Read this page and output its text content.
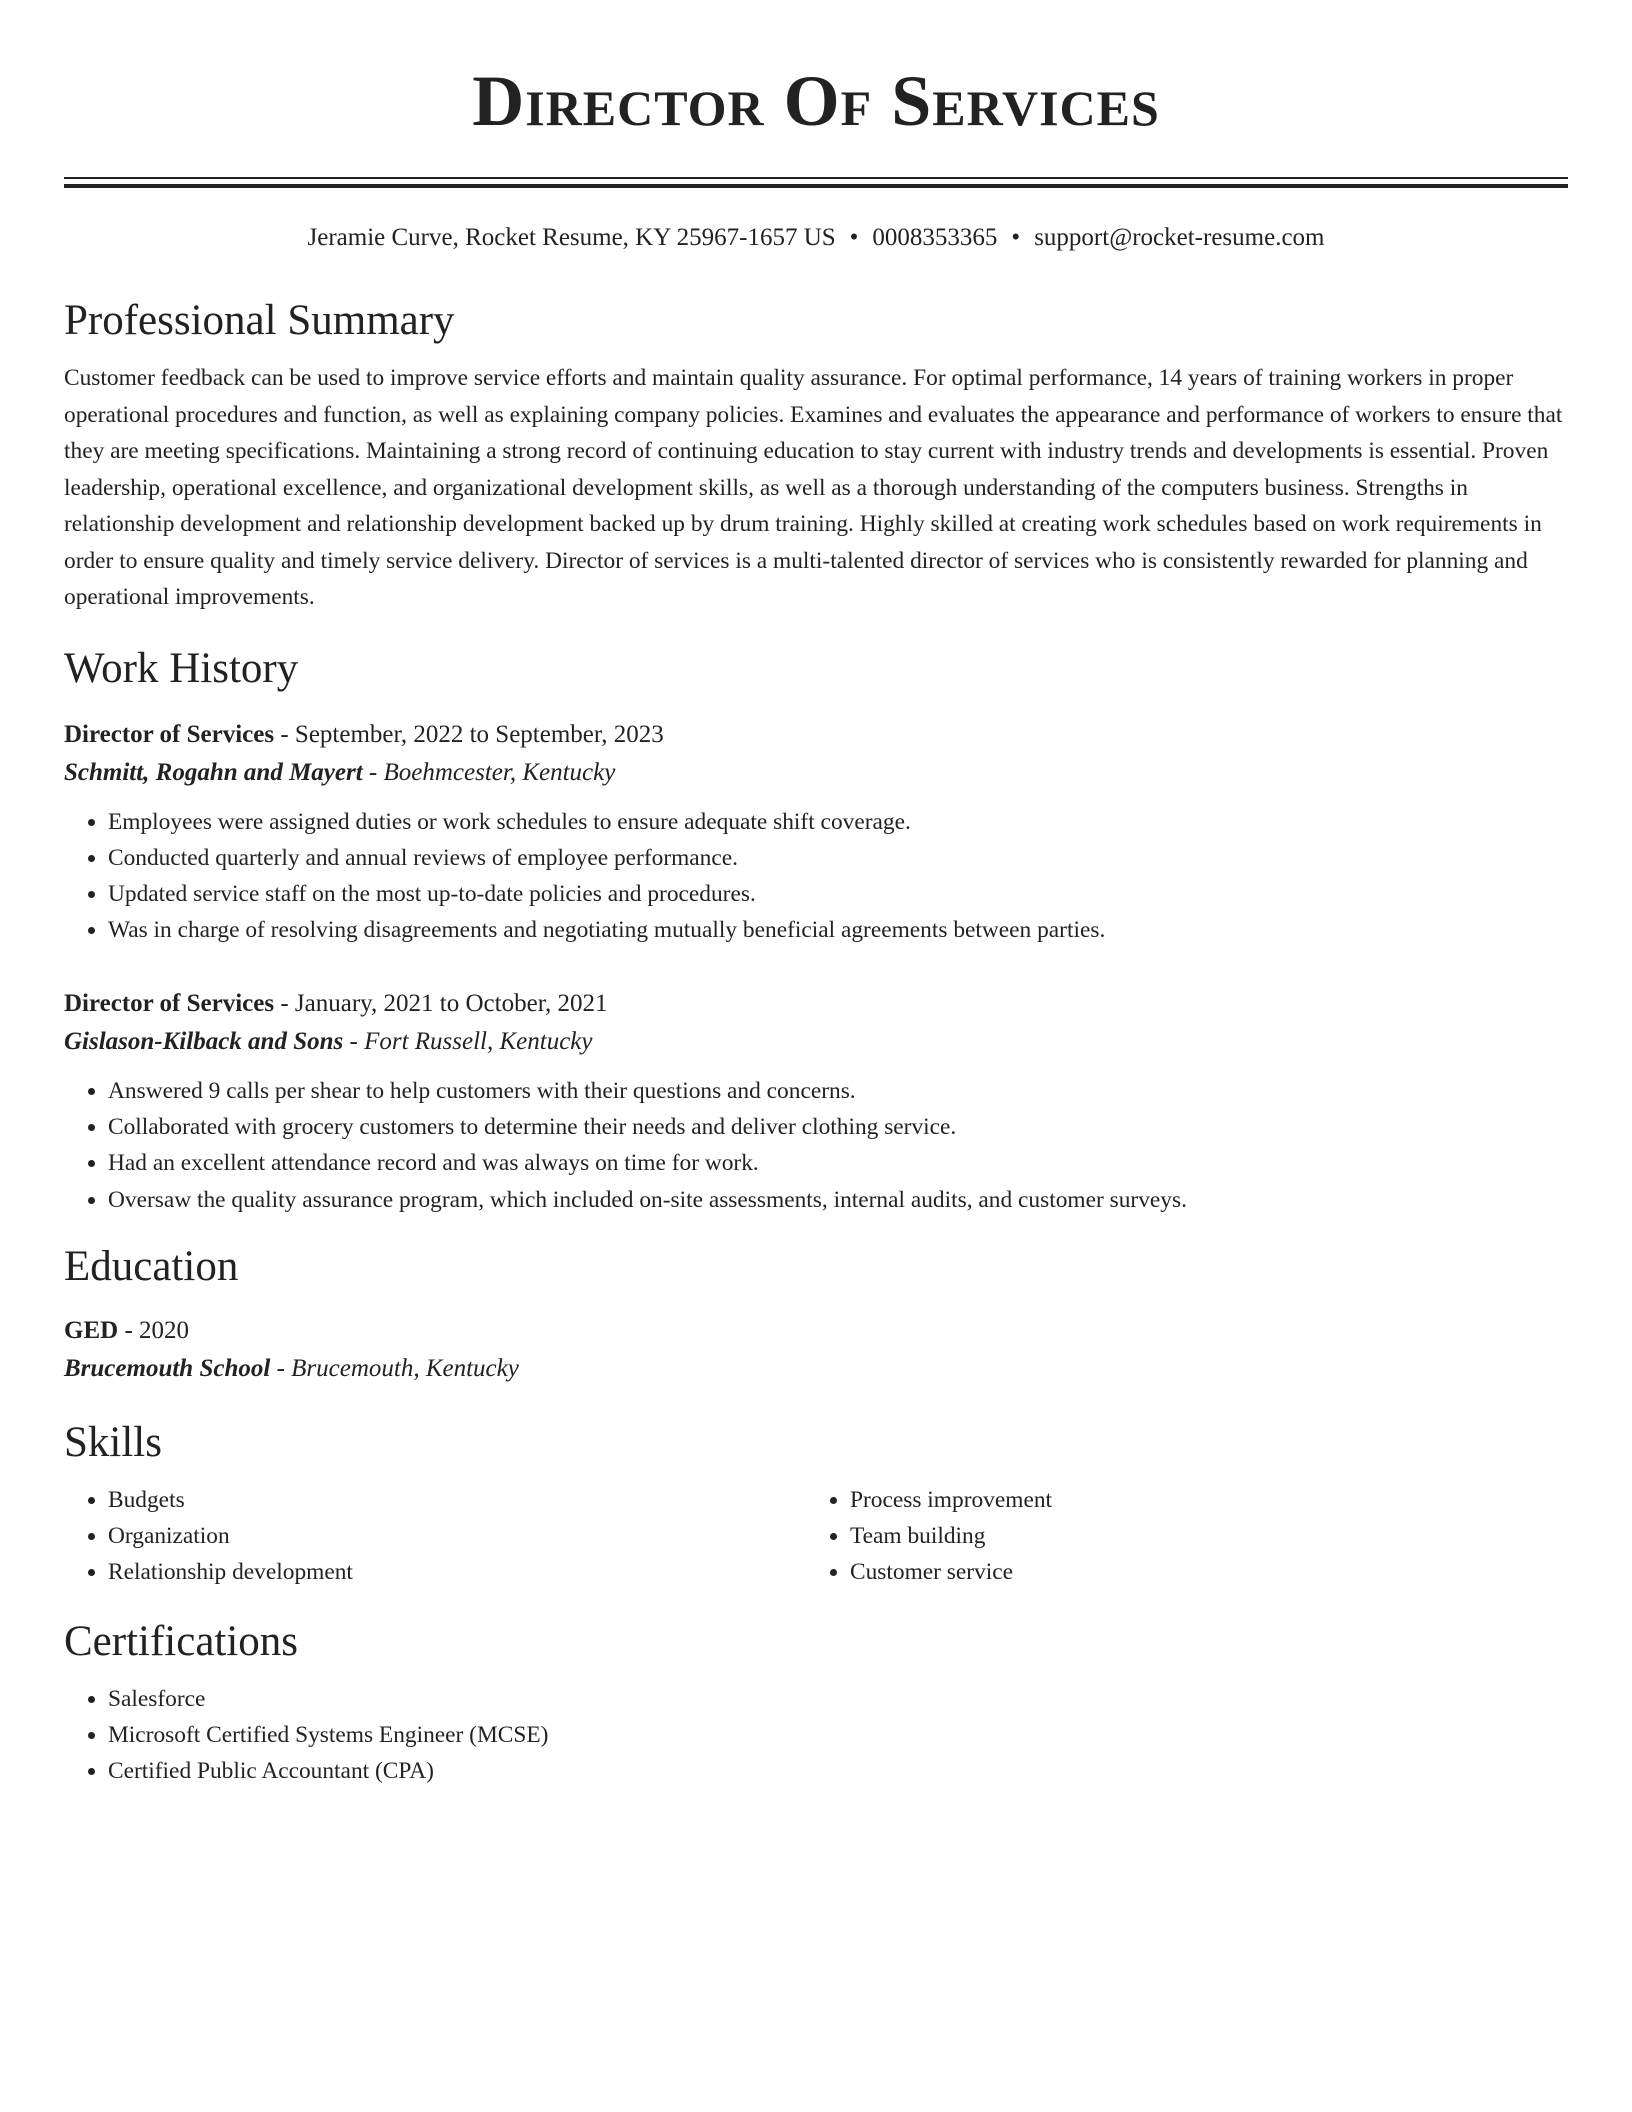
Director Of Services
Jeramie Curve, Rocket Resume, KY 25967-1657 US • 0008353365 • support@rocket-resume.com
Professional Summary
Customer feedback can be used to improve service efforts and maintain quality assurance. For optimal performance, 14 years of training workers in proper operational procedures and function, as well as explaining company policies. Examines and evaluates the appearance and performance of workers to ensure that they are meeting specifications. Maintaining a strong record of continuing education to stay current with industry trends and developments is essential. Proven leadership, operational excellence, and organizational development skills, as well as a thorough understanding of the computers business. Strengths in relationship development and relationship development backed up by drum training. Highly skilled at creating work schedules based on work requirements in order to ensure quality and timely service delivery. Director of services is a multi-talented director of services who is consistently rewarded for planning and operational improvements.
Work History
Director of Services - September, 2022 to September, 2023
Schmitt, Rogahn and Mayert - Boehmcester, Kentucky
• Employees were assigned duties or work schedules to ensure adequate shift coverage.
• Conducted quarterly and annual reviews of employee performance.
• Updated service staff on the most up-to-date policies and procedures.
• Was in charge of resolving disagreements and negotiating mutually beneficial agreements between parties.
Director of Services - January, 2021 to October, 2021
Gislason-Kilback and Sons - Fort Russell, Kentucky
• Answered 9 calls per shear to help customers with their questions and concerns.
• Collaborated with grocery customers to determine their needs and deliver clothing service.
• Had an excellent attendance record and was always on time for work.
• Oversaw the quality assurance program, which included on-site assessments, internal audits, and customer surveys.
Education
GED - 2020
Brucemouth School - Brucemouth, Kentucky
Skills
• Budgets
• Organization
• Relationship development
• Process improvement
• Team building
• Customer service
Certifications
• Salesforce
• Microsoft Certified Systems Engineer (MCSE)
• Certified Public Accountant (CPA)
